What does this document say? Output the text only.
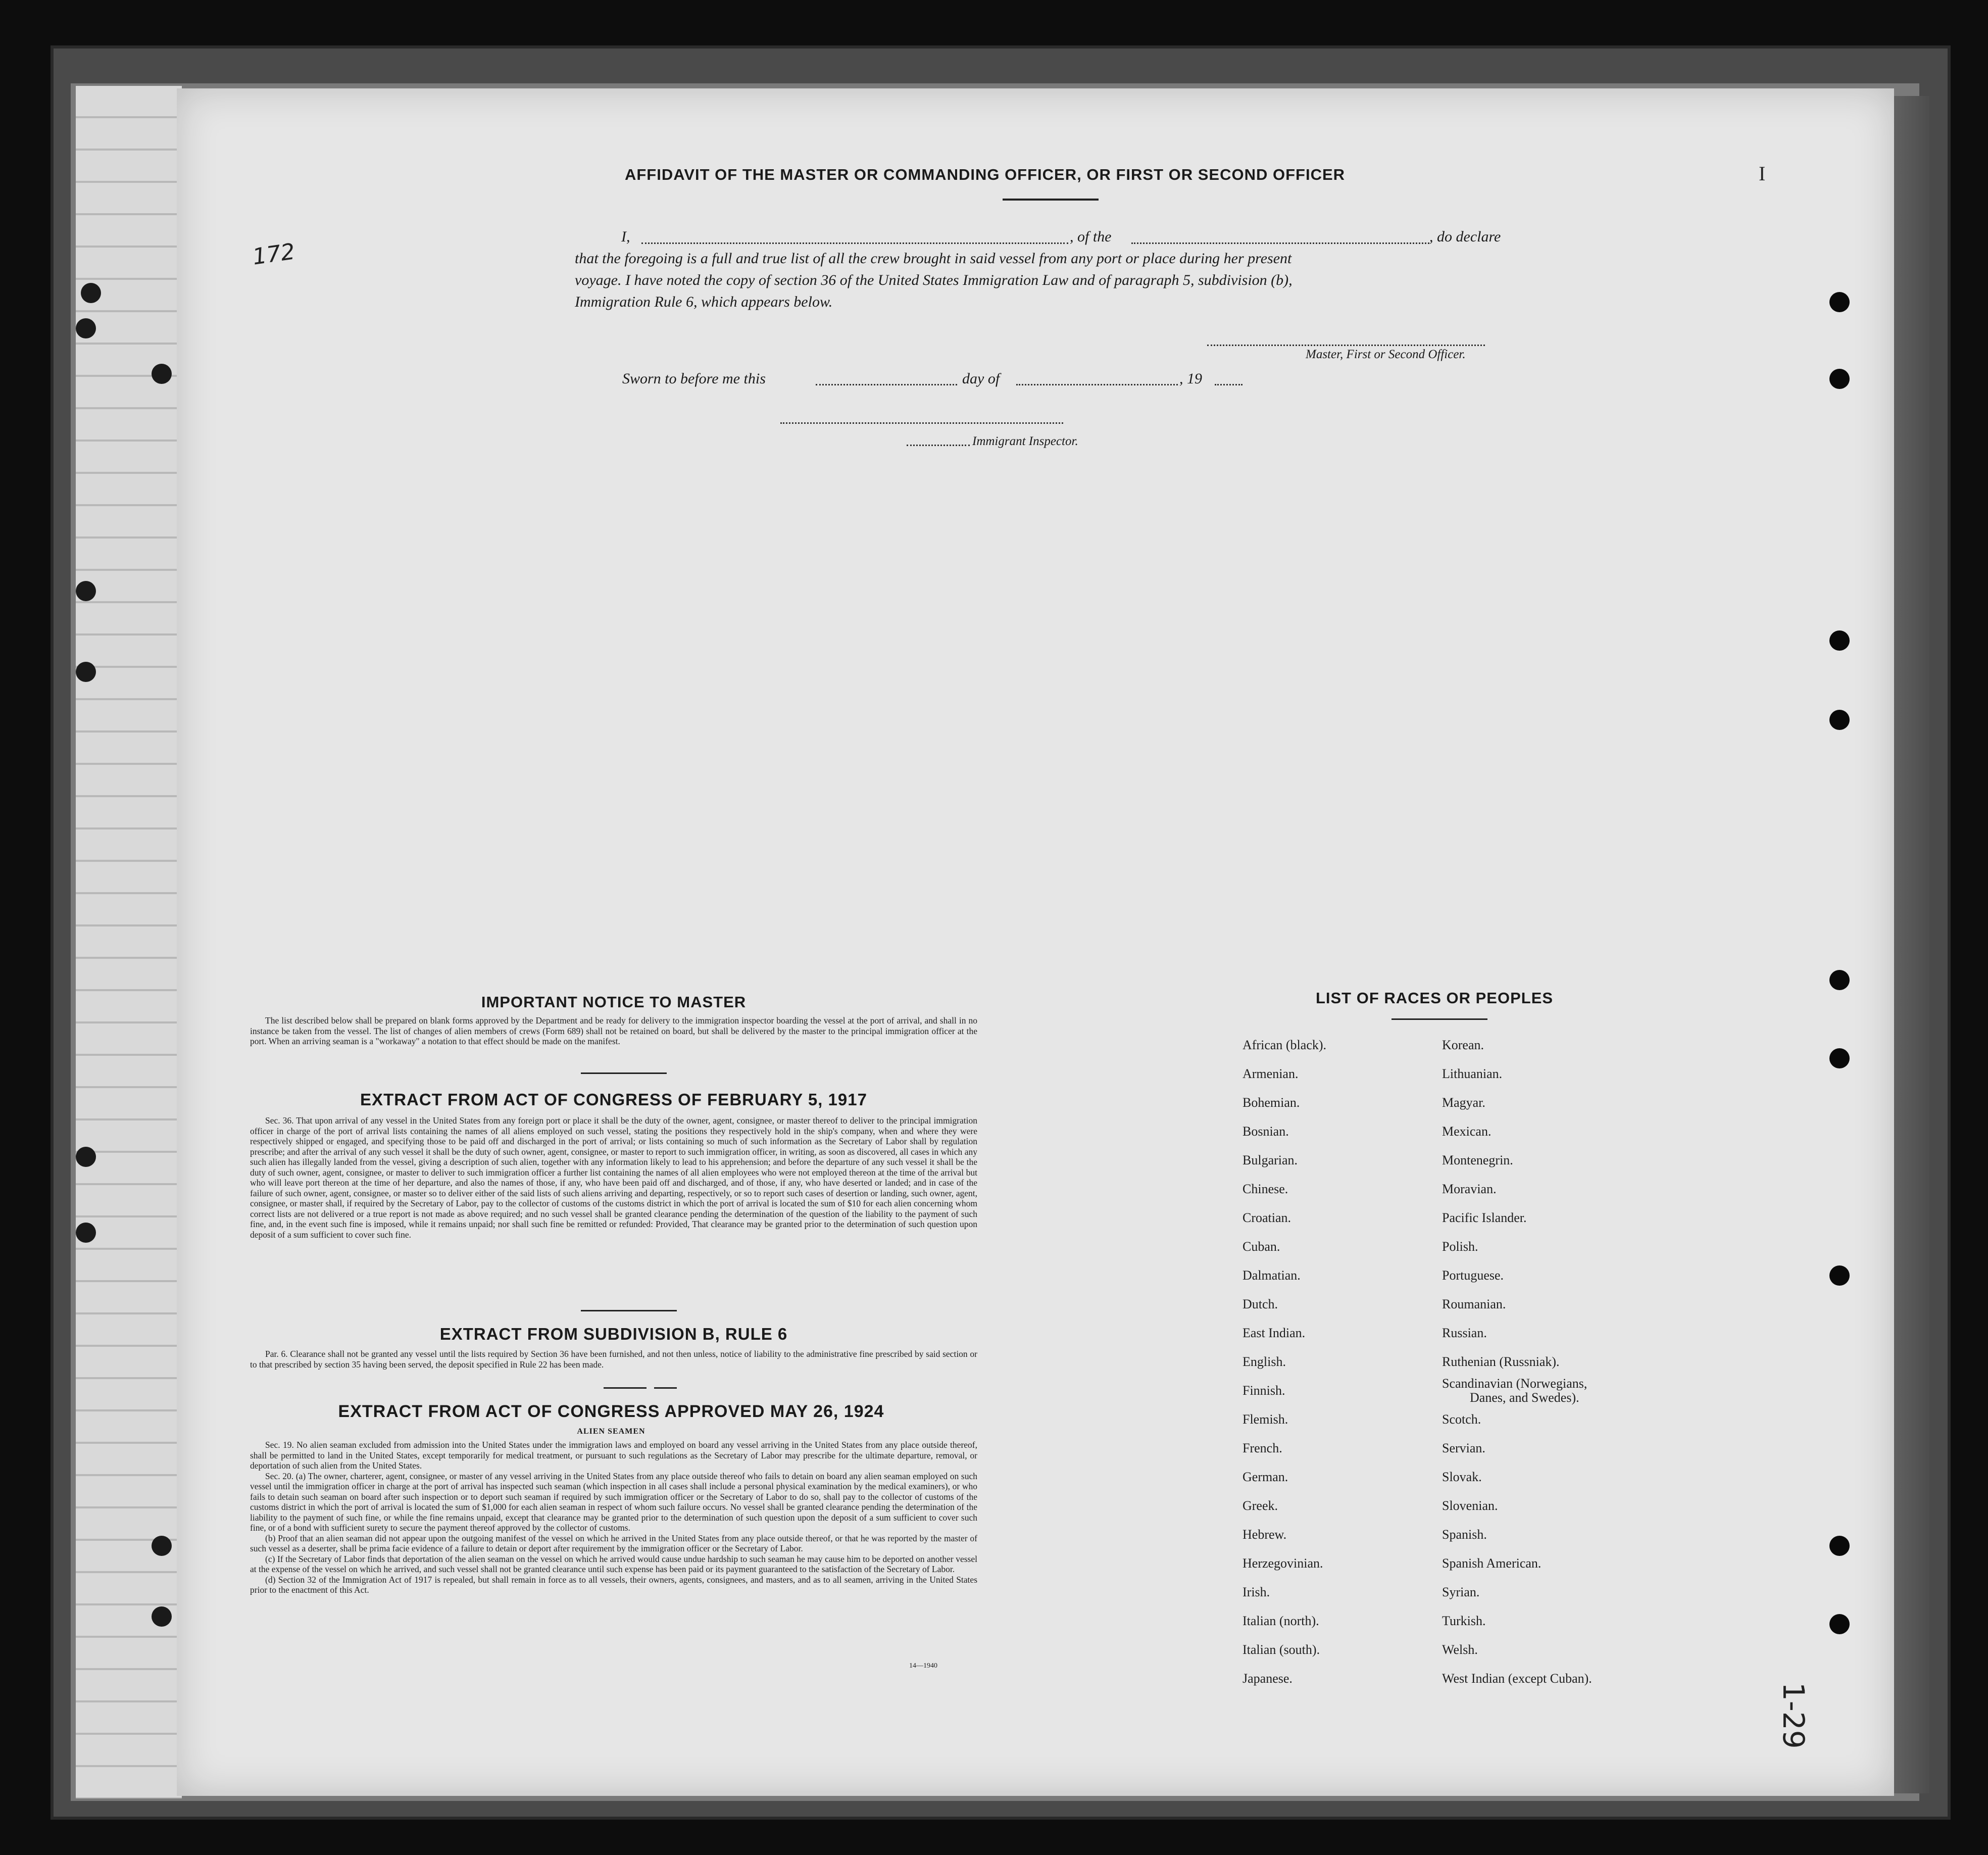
AFFIDAVIT OF THE MASTER OR COMMANDING OFFICER, OR FIRST OR SECOND OFFICER
I,	, of the	, do declare
that the foregoing is a full and true list of all the crew brought in said vessel from any port or place during her present
voyage. I have noted the copy of section 36 of the United States Immigration Law and of paragraph 5, subdivision (b),
Immigration Rule 6, which appears below.
Master, First or Second Officer.
Sworn to before me this	day of	, 19
Immigrant Inspector.
IMPORTANT NOTICE TO MASTER

The list described below shall be prepared on blank forms approved by the Department and be ready for delivery to the immigration inspector boarding the vessel at the port of arrival, and shall in no instance be taken from the vessel. The list of changes of alien members of crews (Form 689) shall not be retained on board, but shall be delivered by the master to the principal immigration officer at the port. When an arriving seaman is a "workaway" a notation to that effect should be made on the manifest.

EXTRACT FROM ACT OF CONGRESS OF FEBRUARY 5, 1917

Sec. 36. That upon arrival of any vessel in the United States from any foreign port or place it shall be the duty of the owner, agent, consignee, or master thereof to deliver to the principal immigration officer in charge of the port of arrival lists containing the names of all aliens employed on such vessel, stating the positions they respectively hold in the ship's company, when and where they were respectively shipped or engaged, and specifying those to be paid off and discharged in the port of arrival; or lists containing so much of such information as the Secretary of Labor shall by regulation prescribe; and after the arrival of any such vessel it shall be the duty of such owner, agent, consignee, or master to report to such immigration officer, in writing, as soon as discovered, all cases in which any such alien has illegally landed from the vessel, giving a description of such alien, together with any information likely to lead to his apprehension; and before the departure of any such vessel it shall be the duty of such owner, agent, consignee, or master to deliver to such immigration officer a further list containing the names of all alien employees who were not employed thereon at the time of the arrival but who will leave port thereon at the time of her departure, and also the names of those, if any, who have been paid off and discharged, and of those, if any, who have deserted or landed; and in case of the failure of such owner, agent, consignee, or master so to deliver either of the said lists of such aliens arriving and departing, respectively, or so to report such cases of desertion or landing, such owner, agent, consignee, or master shall, if required by the Secretary of Labor, pay to the collector of customs of the customs district in which the port of arrival is located the sum of $10 for each alien concerning whom correct lists are not delivered or a true report is not made as above required; and no such vessel shall be granted clearance pending the determination of the question of the liability to the payment of such fine, and, in the event such fine is imposed, while it remains unpaid; nor shall such fine be remitted or refunded: Provided, That clearance may be granted prior to the determination of such question upon deposit of a sum sufficient to cover such fine.

EXTRACT FROM SUBDIVISION B, RULE 6

Par. 6. Clearance shall not be granted any vessel until the lists required by Section 36 have been furnished, and not then unless, notice of liability to the administrative fine prescribed by said section or to that prescribed by section 35 having been served, the deposit specified in Rule 22 has been made.

EXTRACT FROM ACT OF CONGRESS APPROVED MAY 26, 1924
ALIEN SEAMEN

Sec. 19. No alien seaman excluded from admission into the United States under the immigration laws and employed on board any vessel arriving in the United States from any place outside thereof, shall be permitted to land in the United States, except temporarily for medical treatment, or pursuant to such regulations as the Secretary of Labor may prescribe for the ultimate departure, removal, or deportation of such alien from the United States.

Sec. 20. (a) The owner, charterer, agent, consignee, or master of any vessel arriving in the United States from any place outside thereof who fails to detain on board any alien seaman employed on such vessel until the immigration officer in charge at the port of arrival has inspected such seaman (which inspection in all cases shall include a personal physical examination by the medical examiners), or who fails to detain such seaman on board after such inspection or to deport such seaman if required by such immigration officer or the Secretary of Labor to do so, shall pay to the collector of customs of the customs district in which the port of arrival is located the sum of $1,000 for each alien seaman in respect of whom such failure occurs. No vessel shall be granted clearance pending the determination of the liability to the payment of such fine, or while the fine remains unpaid, except that clearance may be granted prior to the determination of such question upon the deposit of a sum sufficient to cover such fine, or of a bond with sufficient surety to secure the payment thereof approved by the collector of customs.

(b) Proof that an alien seaman did not appear upon the outgoing manifest of the vessel on which he arrived in the United States from any place outside thereof, or that he was reported by the master of such vessel as a deserter, shall be prima facie evidence of a failure to detain or deport after requirement by the immigration officer or the Secretary of Labor.

(c) If the Secretary of Labor finds that deportation of the alien seaman on the vessel on which he arrived would cause undue hardship to such seaman he may cause him to be deported on another vessel at the expense of the vessel on which he arrived, and such vessel shall not be granted clearance until such expense has been paid or its payment guaranteed to the satisfaction of the Secretary of Labor.

(d) Section 32 of the Immigration Act of 1917 is repealed, but shall remain in force as to all vessels, their owners, agents, consignees, and masters, and as to all seamen, arriving in the United States prior to the enactment of this Act.

14—1940
LIST OF RACES OR PEOPLES
African (black).
Armenian.
Bohemian.
Bosnian.
Bulgarian.
Chinese.
Croatian.
Cuban.
Dalmatian.
Dutch.
East Indian.
English.
Finnish.
Flemish.
French.
German.
Greek.
Hebrew.
Herzegovinian.
Irish.
Italian (north).
Italian (south).
Japanese.
Korean.
Lithuanian.
Magyar.
Mexican.
Montenegrin.
Moravian.
Pacific Islander.
Polish.
Portuguese.
Roumanian.
Russian.
Ruthenian (Russniak).
Scandinavian (Norwegians,
Danes, and Swedes).
Scotch.
Servian.
Slovak.
Slovenian.
Spanish.
Spanish American.
Syrian.
Turkish.
Welsh.
West Indian (except Cuban).
172
1-29
I
